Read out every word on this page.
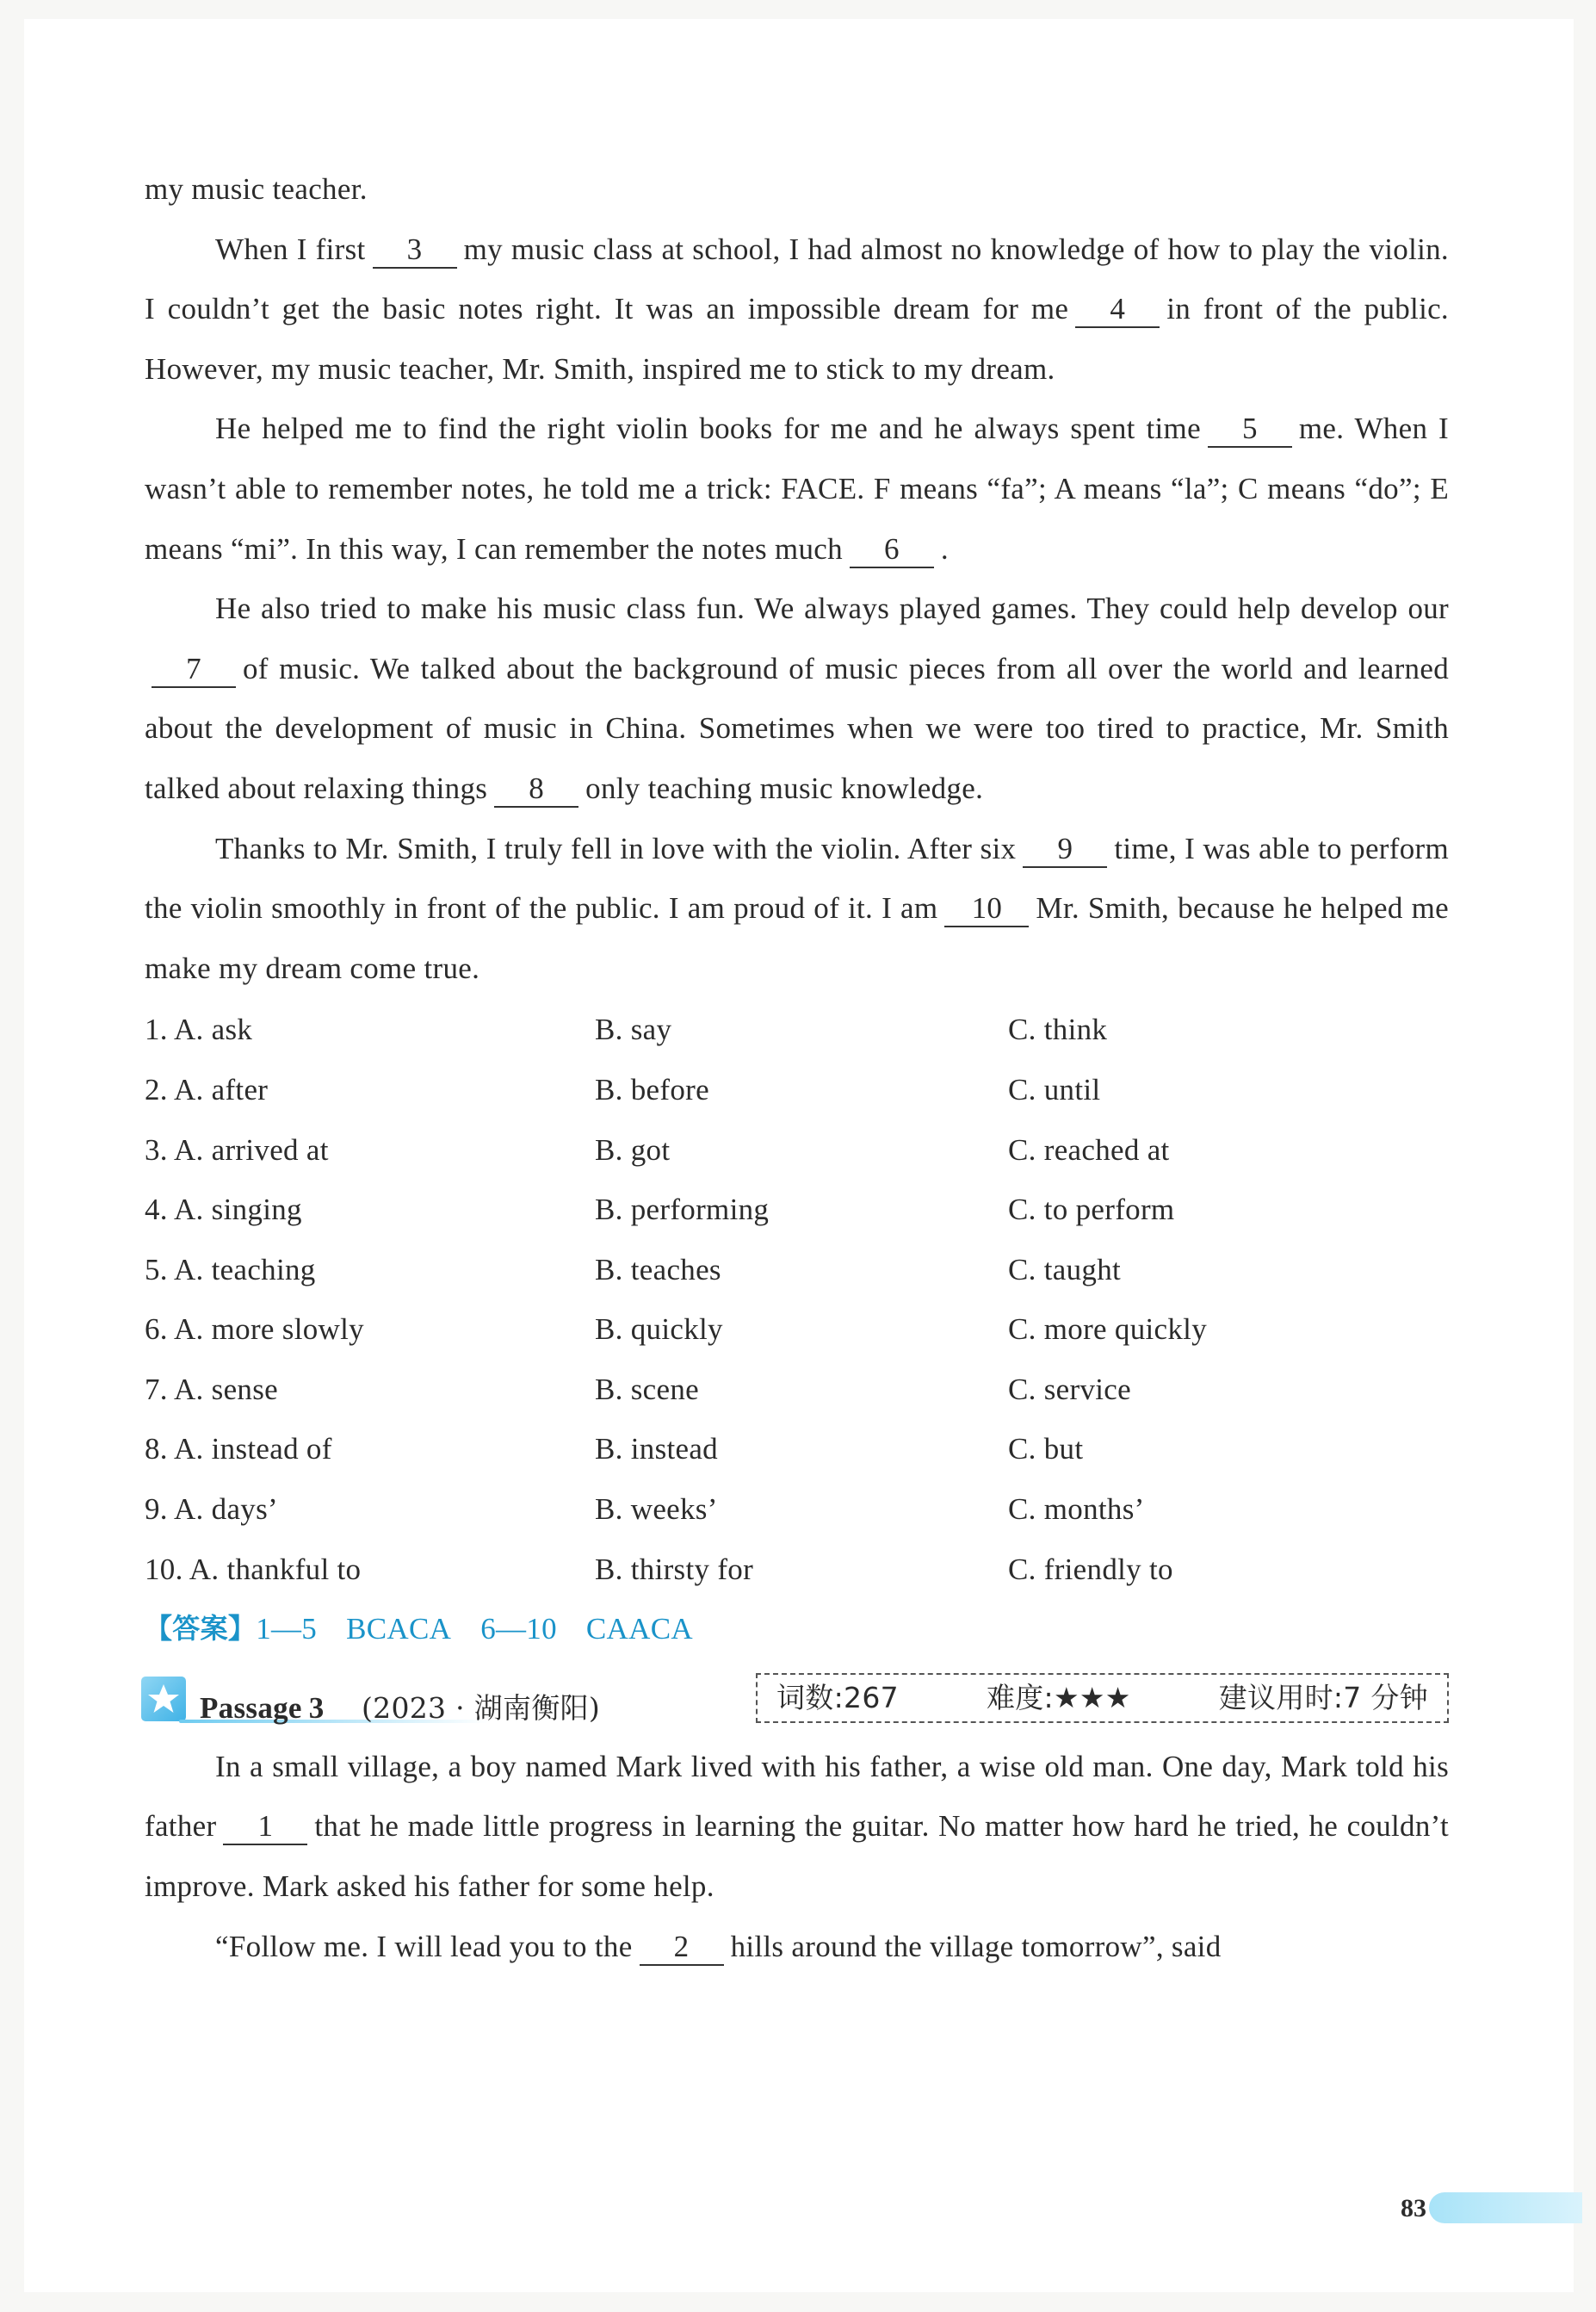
my music teacher.

When I first 3 my music class at school, I had almost no knowledge of how to play the violin. I couldn’t get the basic notes right. It was an impossible dream for me 4 in front of the public. However, my music teacher, Mr. Smith, inspired me to stick to my dream.

He helped me to find the right violin books for me and he always spent time 5 me. When I wasn’t able to remember notes, he told me a trick: FACE. F means “fa”; A means “la”; C means “do”; E means “mi”. In this way, I can remember the notes much 6 .

He also tried to make his music class fun. We always played games. They could help develop our7 of music. We talked about the background of music pieces from all over the world and learned about the development of music in China. Sometimes when we were too tired to practice, Mr. Smith talked about relaxing things 8 only teaching music knowledge.

Thanks to Mr. Smith, I truly fell in love with the violin. After six 9 time, I was able to perform the violin smoothly in front of the public. I am proud of it. I am 10 Mr. Smith, because he helped me make my dream come true.

1. A. ask	B. say	C. think
2. A. after	B. before	C. until
3. A. arrived at	B. got	C. reached at
4. A. singing	B. performing	C. to perform
5. A. teaching	B. teaches	C. taught
6. A. more slowly	B. quickly	C. more quickly
7. A. sense	B. scene	C. service
8. A. instead of	B. instead	C. but
9. A. days’	B. weeks’	C. months’
10. A. thankful to	B. thirsty for	C. friendly to
【答案】 1—5 BCACA 6—10 CAACA
Passage 3 (2023 · 湖南衡阳)	词数:267	难度:★★★	建议用时:7 分钟

In a small village, a boy named Mark lived with his father, a wise old man. One day, Mark told his father 1 that he made little progress in learning the guitar. No matter how hard he tried, he couldn’t improve. Mark asked his father for some help.

“Follow me. I will lead you to the 2 hills around the village tomorrow”, said

83
